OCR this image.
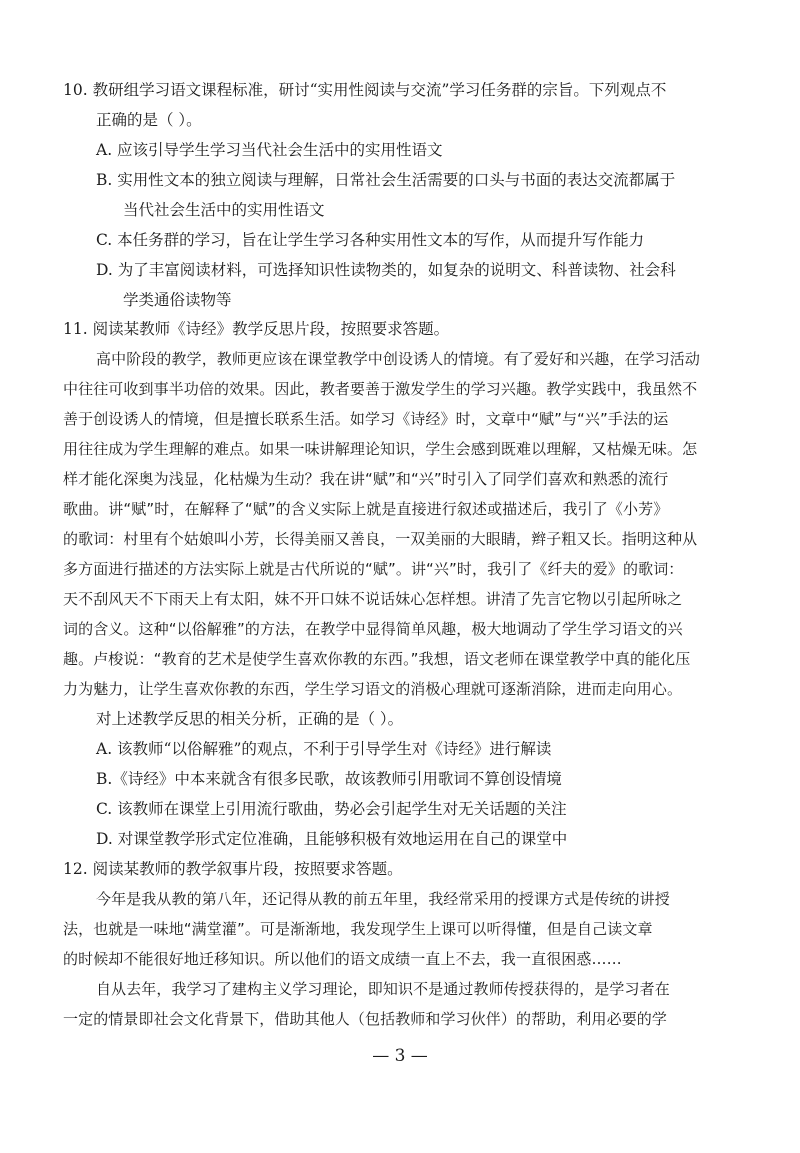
10. 教研组学习语文课程标准，研讨“实用性阅读与交流”学习任务群的宗旨。下列观点不
正确的是（ ）。
A. 应该引导学生学习当代社会生活中的实用性语文
B. 实用性文本的独立阅读与理解，日常社会生活需要的口头与书面的表达交流都属于
当代社会生活中的实用性语文
C. 本任务群的学习，旨在让学生学习各种实用性文本的写作，从而提升写作能力
D. 为了丰富阅读材料，可选择知识性读物类的，如复杂的说明文、科普读物、社会科
学类通俗读物等
11. 阅读某教师《诗经》教学反思片段，按照要求答题。
高中阶段的教学，教师更应该在课堂教学中创设诱人的情境。有了爱好和兴趣，在学习活动
中往往可收到事半功倍的效果。因此，教者要善于激发学生的学习兴趣。教学实践中，我虽然不
善于创设诱人的情境，但是擅长联系生活。如学习《诗经》时，文章中“赋”与“兴”手法的运
用往往成为学生理解的难点。如果一味讲解理论知识，学生会感到既难以理解，又枯燥无味。怎
样才能化深奥为浅显，化枯燥为生动？我在讲“赋”和“兴”时引入了同学们喜欢和熟悉的流行
歌曲。讲“赋”时，在解释了“赋”的含义实际上就是直接进行叙述或描述后，我引了《小芳》
的歌词：村里有个姑娘叫小芳，长得美丽又善良，一双美丽的大眼睛，辫子粗又长。指明这种从
多方面进行描述的方法实际上就是古代所说的“赋”。讲“兴”时，我引了《纤夫的爱》的歌词：
天不刮风天不下雨天上有太阳，妹不开口妹不说话妹心怎样想。讲清了先言它物以引起所咏之
词的含义。这种“以俗解雅”的方法，在教学中显得简单风趣，极大地调动了学生学习语文的兴
趣。卢梭说：“教育的艺术是使学生喜欢你教的东西。”我想，语文老师在课堂教学中真的能化压
力为魅力，让学生喜欢你教的东西，学生学习语文的消极心理就可逐渐消除，进而走向用心。
对上述教学反思的相关分析，正确的是（ ）。
A. 该教师“以俗解雅”的观点，不利于引导学生对《诗经》进行解读
B.《诗经》中本来就含有很多民歌，故该教师引用歌词不算创设情境
C. 该教师在课堂上引用流行歌曲，势必会引起学生对无关话题的关注
D. 对课堂教学形式定位准确，且能够积极有效地运用在自己的课堂中
12. 阅读某教师的教学叙事片段，按照要求答题。
今年是我从教的第八年，还记得从教的前五年里，我经常采用的授课方式是传统的讲授
法，也就是一味地“满堂灌”。可是渐渐地，我发现学生上课可以听得懂，但是自己读文章
的时候却不能很好地迁移知识。所以他们的语文成绩一直上不去，我一直很困惑……
自从去年，我学习了建构主义学习理论，即知识不是通过教师传授获得的，是学习者在
一定的情景即社会文化背景下，借助其他人（包括教师和学习伙伴）的帮助，利用必要的学
— 3 —
